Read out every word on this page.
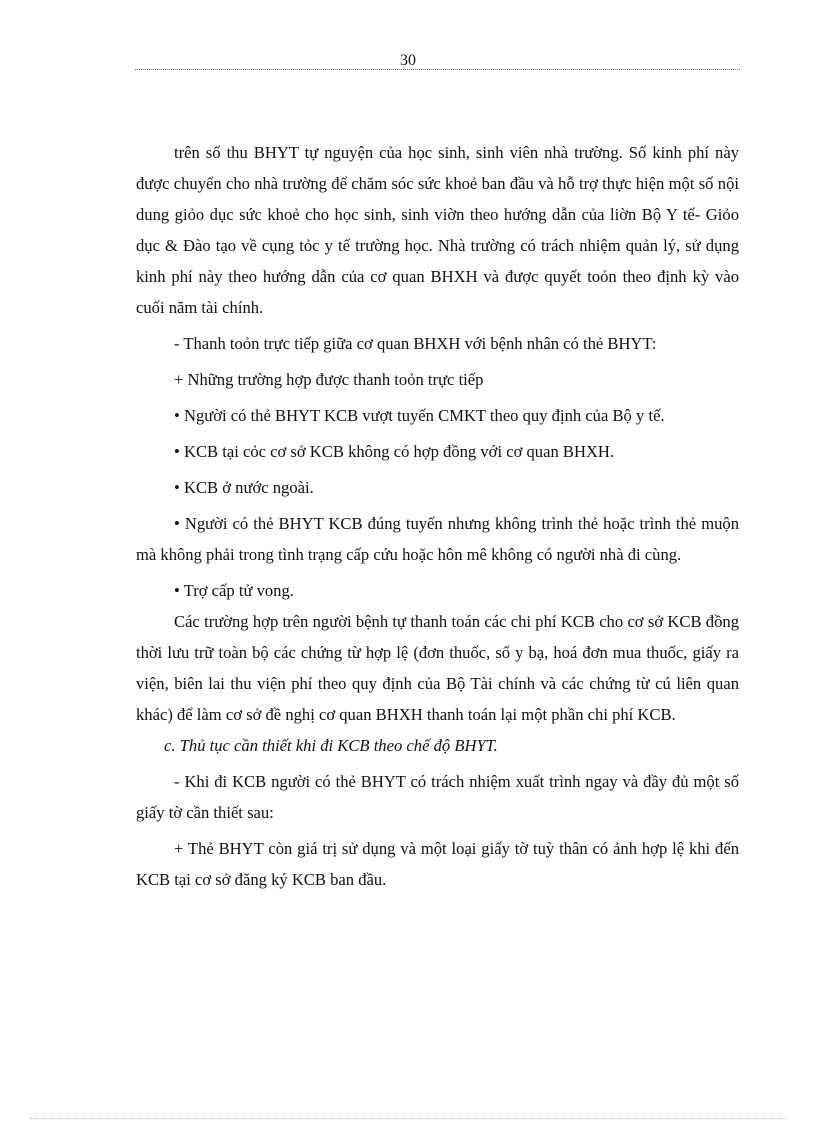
30

trên số thu BHYT tự nguyện của học sinh, sinh viên nhà trường. Số kinh phí này được chuyển cho nhà trường để chăm sóc sức khoẻ ban đầu và hỗ trợ thực hiện một số nội dung giỏo dục sức khoẻ cho học sinh, sinh viờn theo hướng dẫn của liờn Bộ Y tế- Giỏo dục & Đào tạo về cụng tỏc y tế trường học. Nhà trường có trách nhiệm quản lý, sử dụng kinh phí này theo hướng dẫn của cơ quan BHXH và được quyết toỏn theo định kỳ vào cuối năm tài chính.

- Thanh toỏn trực tiếp giữa cơ quan BHXH với bệnh nhân có thẻ BHYT:

+ Những trường hợp được thanh toỏn trực tiếp

• Người có thẻ BHYT KCB vượt tuyến CMKT theo quy định của Bộ y tế.

• KCB tại cỏc cơ sở KCB không có hợp đồng với cơ quan BHXH.

• KCB ở nước ngoài.

• Người có thẻ BHYT KCB đúng tuyến nhưng không trình thẻ hoặc trình thẻ muộn mà không phải trong tình trạng cấp cứu hoặc hôn mê không có người nhà đi cùng.

• Trợ cấp tử vong.

Các trường hợp trên người bệnh tự thanh toán các chi phí KCB cho cơ sở KCB đồng thời lưu trữ toàn bộ các chứng từ hợp lệ (đơn thuốc, sổ y bạ, hoá đơn mua thuốc, giấy ra viện, biên lai thu viện phí theo quy định của Bộ Tài chính và các chứng từ cú liên quan khác) để làm cơ sở đề nghị cơ quan BHXH thanh toán lại một phần chi phí KCB.

c. Thủ tục cần thiết khi đi KCB theo chế độ BHYT.

- Khi đi KCB người có thẻ BHYT có trách nhiệm xuất trình ngay và đầy đủ một số giấy tờ cần thiết sau:

+ Thẻ BHYT còn giá trị sử dụng và một loại giấy tờ tuỳ thân có ảnh hợp lệ khi đến KCB tại cơ sở đăng ký KCB ban đầu.
